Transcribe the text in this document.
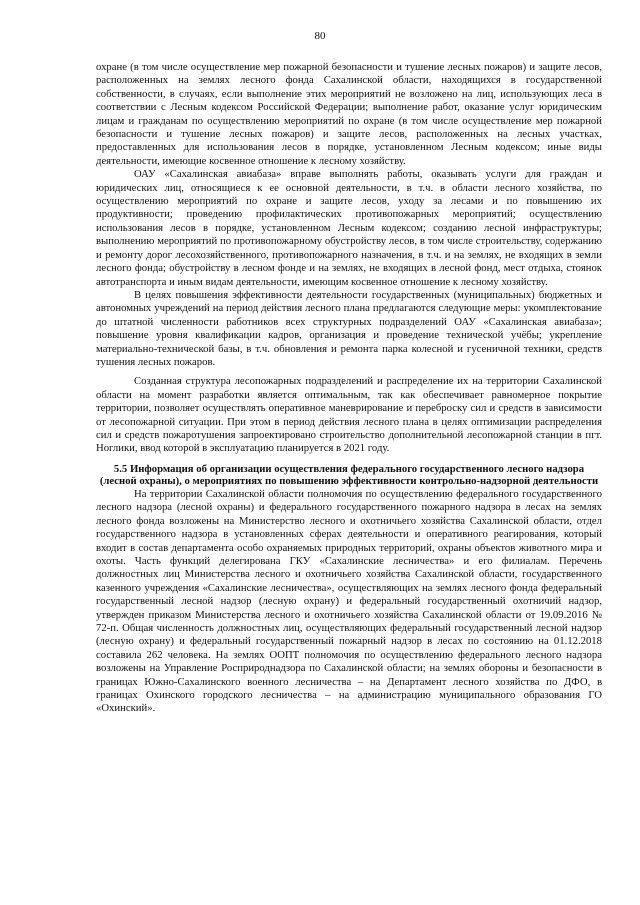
80

охране (в том числе осуществление мер пожарной безопасности и тушение лесных пожаров) и защите лесов, расположенных на землях лесного фонда Сахалинской области, находящихся в государственной собственности, в случаях, если выполнение этих мероприятий не возложено на лиц, использующих леса в соответствии с Лесным кодексом Российской Федерации; выполнение работ, оказание услуг юридическим лицам и гражданам по осуществлению мероприятий по охране (в том числе осуществление мер пожарной безопасности и тушение лесных пожаров) и защите лесов, расположенных на лесных участках, предоставленных для использования лесов в порядке, установленном Лесным кодексом; иные виды деятельности, имеющие косвенное отношение к лесному хозяйству.

ОАУ «Сахалинская авиабаза» вправе выполнять работы, оказывать услуги для граждан и юридических лиц, относящиеся к ее основной деятельности, в т.ч. в области лесного хозяйства, по осуществлению мероприятий по охране и защите лесов, уходу за лесами и по повышению их продуктивности; проведению профилактических противопожарных мероприятий; осуществлению использования лесов в порядке, установленном Лесным кодексом; созданию лесной инфраструктуры; выполнению мероприятий по противопожарному обустройству лесов, в том числе строительству, содержанию и ремонту дорог лесохозяйственного, противопожарного назначения, в т.ч. и на землях, не входящих в земли лесного фонда; обустройству в лесном фонде и на землях, не входящих в лесной фонд, мест отдыха, стоянок автотранспорта и иным видам деятельности, имеющим косвенное отношение к лесному хозяйству.

В целях повышения эффективности деятельности государственных (муниципальных) бюджетных и автономных учреждений на период действия лесного плана предлагаются следующие меры: укомплектование до штатной численности работников всех структурных подразделений ОАУ «Сахалинская авиабаза»; повышение уровня квалификации кадров, организация и проведение технической учёбы; укрепление материально-технической базы, в т.ч. обновления и ремонта парка колесной и гусеничной техники, средств тушения лесных пожаров.

Созданная структура лесопожарных подразделений и распределение их на территории Сахалинской области на момент разработки является оптимальным, так как обеспечивает равномерное покрытие территории, позволяет осуществлять оперативное маневрирование и переброску сил и средств в зависимости от лесопожарной ситуации. При этом в период действия лесного плана в целях оптимизации распределения сил и средств пожаротушения запроектировано строительство дополнительной лесопожарной станции в пгт. Ноглики, ввод которой в эксплуатацию планируется в 2021 году.

5.5 Информация об организации осуществления федерального государственного лесного надзора (лесной охраны), о мероприятиях по повышению эффективности контрольно-надзорной деятельности

На территории Сахалинской области полномочия по осуществлению федерального государственного лесного надзора (лесной охраны) и федерального государственного пожарного надзора в лесах на землях лесного фонда возложены на Министерство лесного и охотничьего хозяйства Сахалинской области, отдел государственного надзора в установленных сферах деятельности и оперативного реагирования, который входит в состав департамента особо охраняемых природных территорий, охраны объектов животного мира и охоты. Часть функций делегирована ГКУ «Сахалинские лесничества» и его филиалам. Перечень должностных лиц Министерства лесного и охотничьего хозяйства Сахалинской области, государственного казенного учреждения «Сахалинские лесничества», осуществляющих на землях лесного фонда федеральный государственный лесной надзор (лесную охрану) и федеральный государственный охотничий надзор, утвержден приказом Министерства лесного и охотничьего хозяйства Сахалинской области от 19.09.2016 № 72-п. Общая численность должностных лиц, осуществляющих федеральный государственный лесной надзор (лесную охрану) и федеральный государственный пожарный надзор в лесах по состоянию на 01.12.2018 составила 262 человека. На землях ООПТ полномочия по осуществлению федерального лесного надзора возложены на Управление Росприроднадзора по Сахалинской области; на землях обороны и безопасности в границах Южно-Сахалинского военного лесничества – на Департамент лесного хозяйства по ДФО, в границах Охинского городского лесничества – на администрацию муниципального образования ГО «Охинский».
